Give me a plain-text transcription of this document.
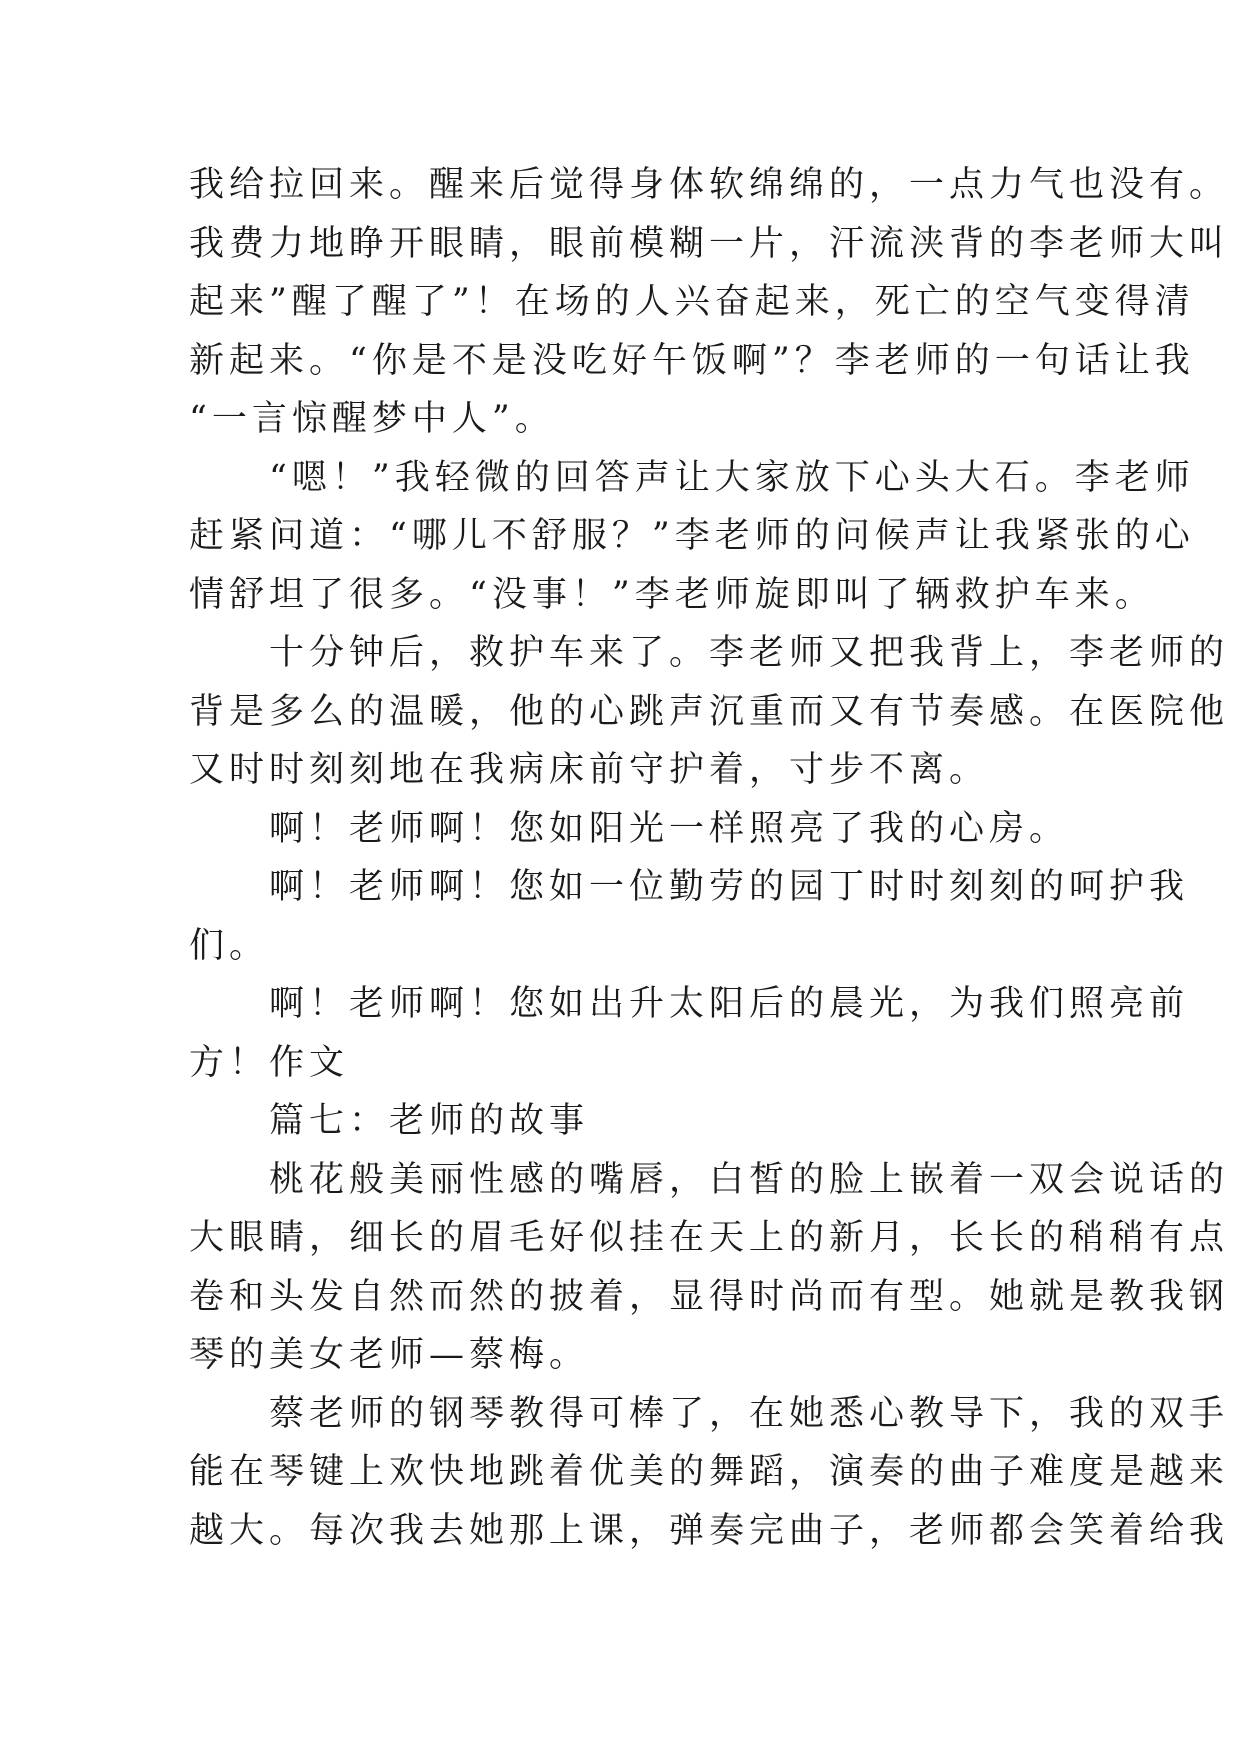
我给拉回来。醒来后觉得身体软绵绵的，一点力气也没有。
我费力地睁开眼睛，眼前模糊一片，汗流浃背的李老师大叫
起来”醒了醒了”！在场的人兴奋起来，死亡的空气变得清
新起来。“你是不是没吃好午饭啊”？李老师的一句话让我
“一言惊醒梦中人”。
　　“嗯！”我轻微的回答声让大家放下心头大石。李老师
赶紧问道：“哪儿不舒服？”李老师的问候声让我紧张的心
情舒坦了很多。“没事！”李老师旋即叫了辆救护车来。
　　十分钟后，救护车来了。李老师又把我背上，李老师的
背是多么的温暖，他的心跳声沉重而又有节奏感。在医院他
又时时刻刻地在我病床前守护着，寸步不离。
　　啊！老师啊！您如阳光一样照亮了我的心房。
　　啊！老师啊！您如一位勤劳的园丁时时刻刻的呵护我
们。
　　啊！老师啊！您如出升太阳后的晨光，为我们照亮前
方！作文
　　篇七：老师的故事
　　桃花般美丽性感的嘴唇，白皙的脸上嵌着一双会说话的
大眼睛，细长的眉毛好似挂在天上的新月，长长的稍稍有点
卷和头发自然而然的披着，显得时尚而有型。她就是教我钢
琴的美女老师—蔡梅。
　　蔡老师的钢琴教得可棒了，在她悉心教导下，我的双手
能在琴键上欢快地跳着优美的舞蹈，演奏的曲子难度是越来
越大。每次我去她那上课，弹奏完曲子，老师都会笑着给我
